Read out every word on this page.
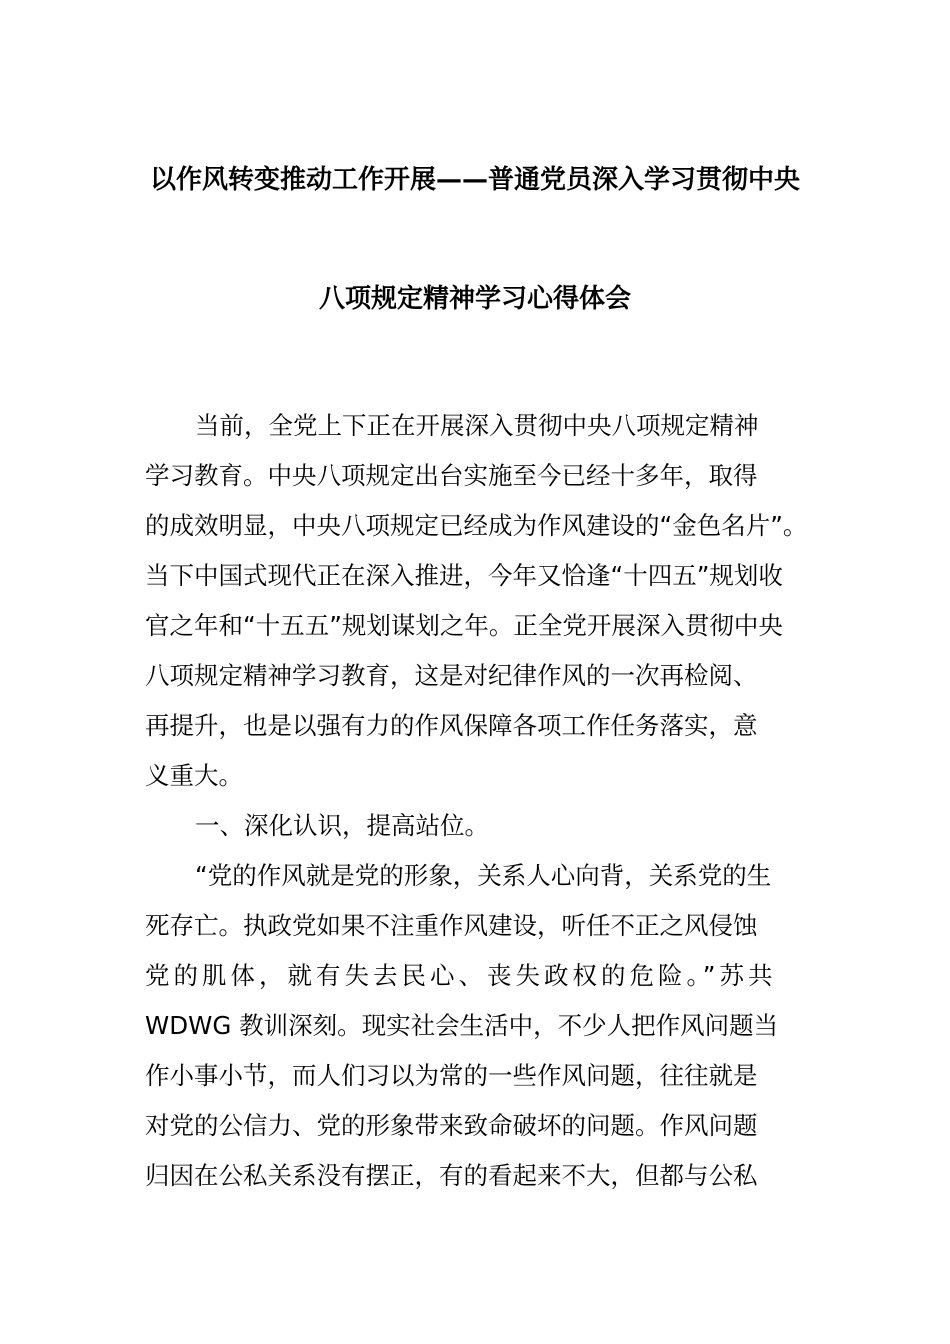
以作风转变推动工作开展——普通党员深入学习贯彻中央
八项规定精神学习心得体会
当前，全党上下正在开展深入贯彻中央八项规定精神
学习教育。中央八项规定出台实施至今已经十多年，取得
的成效明显，中央八项规定已经成为作风建设的“金色名片”。
当下中国式现代正在深入推进，今年又恰逢“十四五”规划收
官之年和“十五五”规划谋划之年。正全党开展深入贯彻中央
八项规定精神学习教育，这是对纪律作风的一次再检阅、
再提升，也是以强有力的作风保障各项工作任务落实，意
义重大。
一、深化认识，提高站位。
“党的作风就是党的形象，关系人心向背，关系党的生
死存亡。执政党如果不注重作风建设，听任不正之风侵蚀
党的肌体，就有失去民心、丧失政权的危险。”苏共
WDWG 教训深刻。现实社会生活中，不少人把作风问题当
作小事小节，而人们习以为常的一些作风问题，往往就是
对党的公信力、党的形象带来致命破坏的问题。作风问题
归因在公私关系没有摆正，有的看起来不大，但都与公私
